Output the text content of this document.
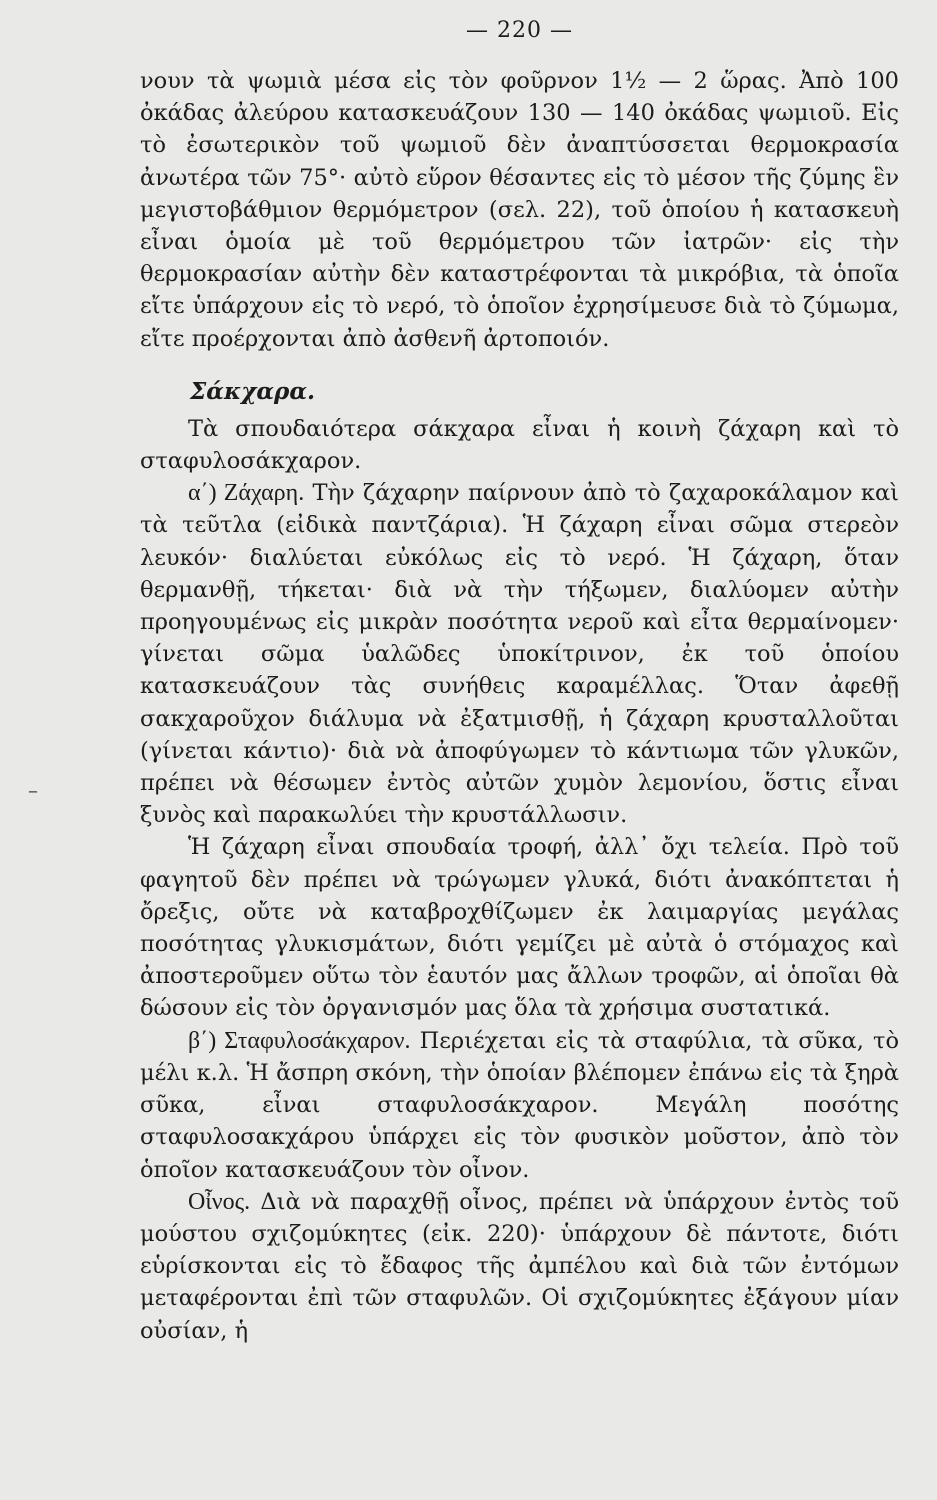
— 220 —

νουν τὰ ψωμιὰ μέσα εἰς τὸν φοῦρνον 1½ — 2 ὥρας. Ἀπὸ 100 ὀκάδας ἀλεύρου κατασκευάζουν 130 — 140 ὀκάδας ψωμιοῦ. Εἰς τὸ ἐσωτερικὸν τοῦ ψωμιοῦ δὲν ἀναπτύσσεται θερμοκρασία ἀνωτέρα τῶν 75°· αὐτὸ εὕρον θέσαντες εἰς τὸ μέσον τῆς ζύμης ἓν μεγιστοβάθμιον θερμόμετρον (σελ. 22), τοῦ ὁποίου ἡ κατασκευὴ εἶναι ὁμοία μὲ τοῦ θερμόμετρου τῶν ἰατρῶν· εἰς τὴν θερμοκρασίαν αὐτὴν δὲν καταστρέφονται τὰ μικρόβια, τὰ ὁποῖα εἴτε ὑπάρχουν εἰς τὸ νερό, τὸ ὁποῖον ἐχρησίμευσε διὰ τὸ ζύμωμα, εἴτε προέρχονται ἀπὸ ἀσθενῆ ἀρτοποιόν.

Σάκχαρα.

Τὰ σπουδαιότερα σάκχαρα εἶναι ἡ κοινὴ ζάχαρη καὶ τὸ σταφυλοσάκχαρον.

α΄) Ζάχαρη. Τὴν ζάχαρην παίρνουν ἀπὸ τὸ ζαχαροκάλαμον καὶ τὰ τεῦτλα (εἰδικὰ παντζάρια). Ἡ ζάχαρη εἶναι σῶμα στερεὸν λευκόν· διαλύεται εὐκόλως εἰς τὸ νερό. Ἡ ζάχαρη, ὅταν θερμανθῇ, τήκεται· διὰ νὰ τὴν τήξωμεν, διαλύομεν αὐτὴν προηγουμένως εἰς μικρὰν ποσότητα νεροῦ καὶ εἶτα θερμαίνομεν· γίνεται σῶμα ὑαλῶδες ὑποκίτρινον, ἐκ τοῦ ὁποίου κατασκευάζουν τὰς συνήθεις καραμέλλας. Ὅταν ἀφεθῇ σακχαροῦχον διάλυμα νὰ ἐξατμισθῇ, ἡ ζάχαρη κρυσταλλοῦται (γίνεται κάντιο)· διὰ νὰ ἀποφύγωμεν τὸ κάντιωμα τῶν γλυκῶν, πρέπει νὰ θέσωμεν ἐντὸς αὐτῶν χυμὸν λεμονίου, ὅστις εἶναι ξυνὸς καὶ παρακωλύει τὴν κρυστάλλωσιν.

Ἡ ζάχαρη εἶναι σπουδαία τροφή, ἀλλ᾽ ὄχι τελεία. Πρὸ τοῦ φαγητοῦ δὲν πρέπει νὰ τρώγωμεν γλυκά, διότι ἀνακόπτεται ἡ ὄρεξις, οὔτε νὰ καταβροχθίζωμεν ἐκ λαιμαργίας μεγάλας ποσότητας γλυκισμάτων, διότι γεμίζει μὲ αὐτὰ ὁ στόμαχος καὶ ἀποστεροῦμεν οὕτω τὸν ἑαυτόν μας ἄλλων τροφῶν, αἱ ὁποῖαι θὰ δώσουν εἰς τὸν ὀργανισμόν μας ὅλα τὰ χρήσιμα συστατικά.

β΄) Σταφυλοσάκχαρον. Περιέχεται εἰς τὰ σταφύλια, τὰ σῦκα, τὸ μέλι κ.λ. Ἡ ἄσπρη σκόνη, τὴν ὁποίαν βλέπομεν ἐπάνω εἰς τὰ ξηρὰ σῦκα, εἶναι σταφυλοσάκχαρον. Μεγάλη ποσότης σταφυλοσακχάρου ὑπάρχει εἰς τὸν φυσικὸν μοῦστον, ἀπὸ τὸν ὁποῖον κατασκευάζουν τὸν οἶνον.

Οἶνος. Διὰ νὰ παραχθῇ οἶνος, πρέπει νὰ ὑπάρχουν ἐντὸς τοῦ μούστου σχιζομύκητες (εἰκ. 220)· ὑπάρχουν δὲ πάντοτε, διότι εὑρίσκονται εἰς τὸ ἔδαφος τῆς ἀμπέλου καὶ διὰ τῶν ἐντόμων μεταφέρονται ἐπὶ τῶν σταφυλῶν. Οἱ σχιζομύκητες ἐξάγουν μίαν οὐσίαν, ἡ

–
